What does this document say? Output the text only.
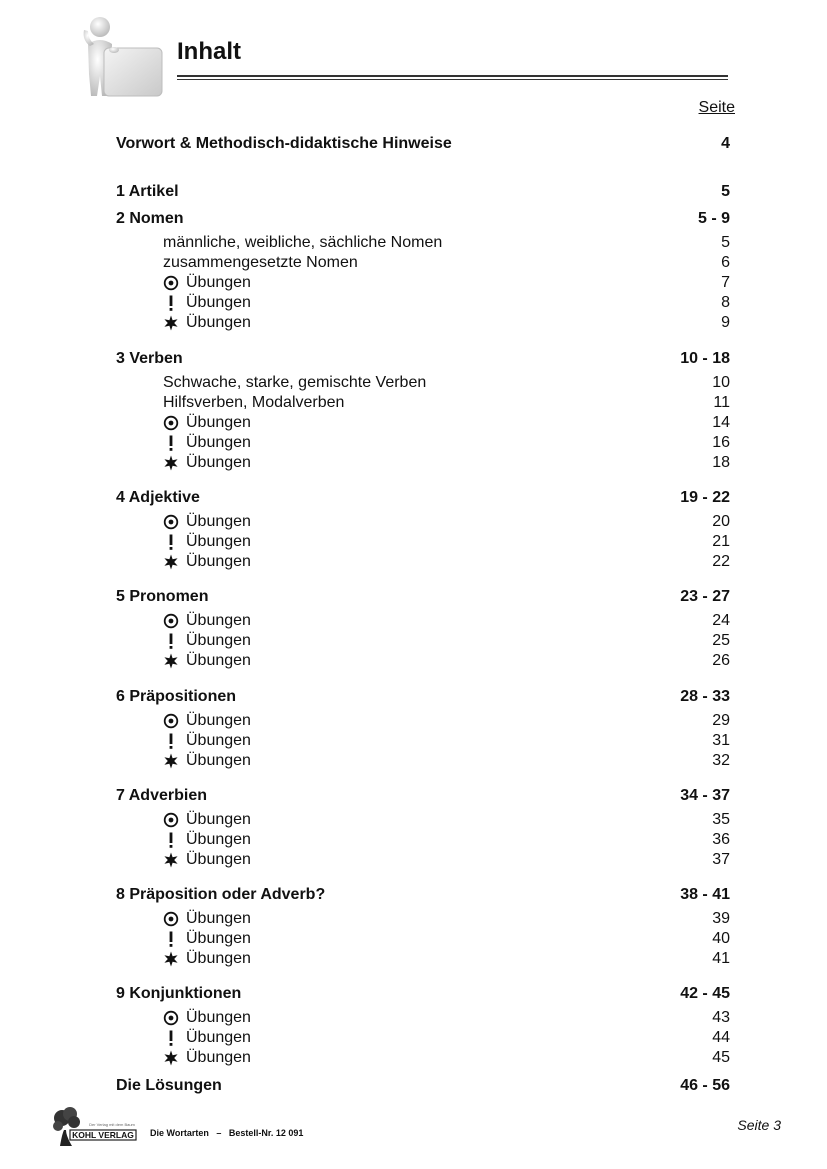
Inhalt
Seite
Vorwort & Methodisch-didaktische Hinweise	4
1 Artikel	5
2 Nomen	5 - 9
männliche, weibliche, sächliche Nomen	5
zusammengesetzte Nomen	6
Übungen	7
Übungen	8
Übungen	9
3 Verben	10 - 18
Schwache, starke, gemischte Verben	10
Hilfsverben, Modalverben	11
Übungen	14
Übungen	16
Übungen	18
4 Adjektive	19 - 22
Übungen	20
Übungen	21
Übungen	22
5 Pronomen	23 - 27
Übungen	24
Übungen	25
Übungen	26
6 Präpositionen	28 - 33
Übungen	29
Übungen	31
Übungen	32
7 Adverbien	34 - 37
Übungen	35
Übungen	36
Übungen	37
8 Präposition oder Adverb?	38 - 41
Übungen	39
Übungen	40
Übungen	41
9 Konjunktionen	42 - 45
Übungen	43
Übungen	44
Übungen	45
Die Lösungen	46 - 56
KOHL VERLAG
Der Verlag mit dem Baum
Die Wortarten   –   Bestell-Nr. 12 091	Seite 3
